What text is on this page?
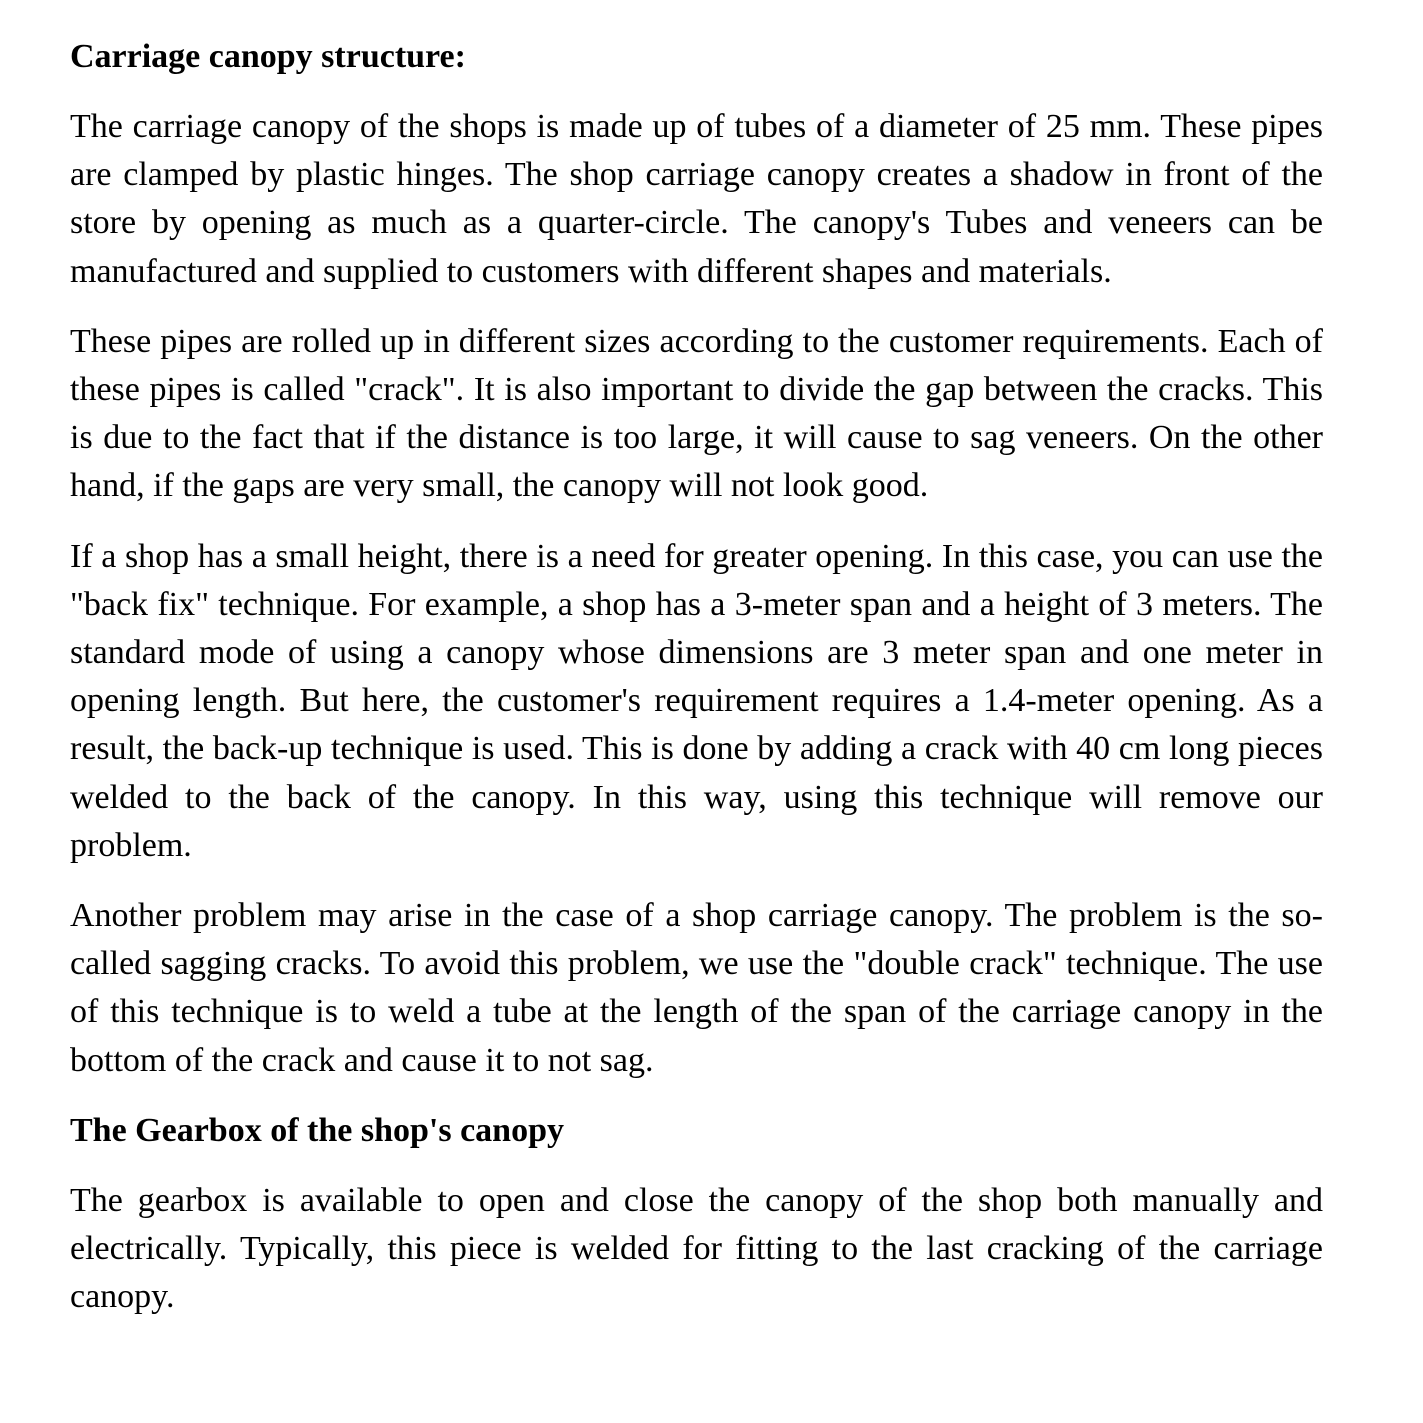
Carriage canopy structure:

The carriage canopy of the shops is made up of tubes of a diameter of 25 mm. These pipes are clamped by plastic hinges. The shop carriage canopy creates a shadow in front of the store by opening as much as a quarter-circle. The canopy's Tubes and veneers can be manufactured and supplied to customers with different shapes and materials.

These pipes are rolled up in different sizes according to the customer requirements. Each of these pipes is called "crack". It is also important to divide the gap between the cracks. This is due to the fact that if the distance is too large, it will cause to sag veneers. On the other hand, if the gaps are very small, the canopy will not look good.

If a shop has a small height, there is a need for greater opening. In this case, you can use the "back fix" technique. For example, a shop has a 3-meter span and a height of 3 meters. The standard mode of using a canopy whose dimensions are 3 meter span and one meter in opening length. But here, the customer's requirement requires a 1.4-meter opening. As a result, the back-up technique is used. This is done by adding a crack with 40 cm long pieces welded to the back of the canopy. In this way, using this technique will remove our problem.

Another problem may arise in the case of a shop carriage canopy. The problem is the so-called sagging cracks. To avoid this problem, we use the "double crack" technique. The use of this technique is to weld a tube at the length of the span of the carriage canopy in the bottom of the crack and cause it to not sag.

The Gearbox of the shop's canopy

The gearbox is available to open and close the canopy of the shop both manually and electrically. Typically, this piece is welded for fitting to the last cracking of the carriage canopy.
